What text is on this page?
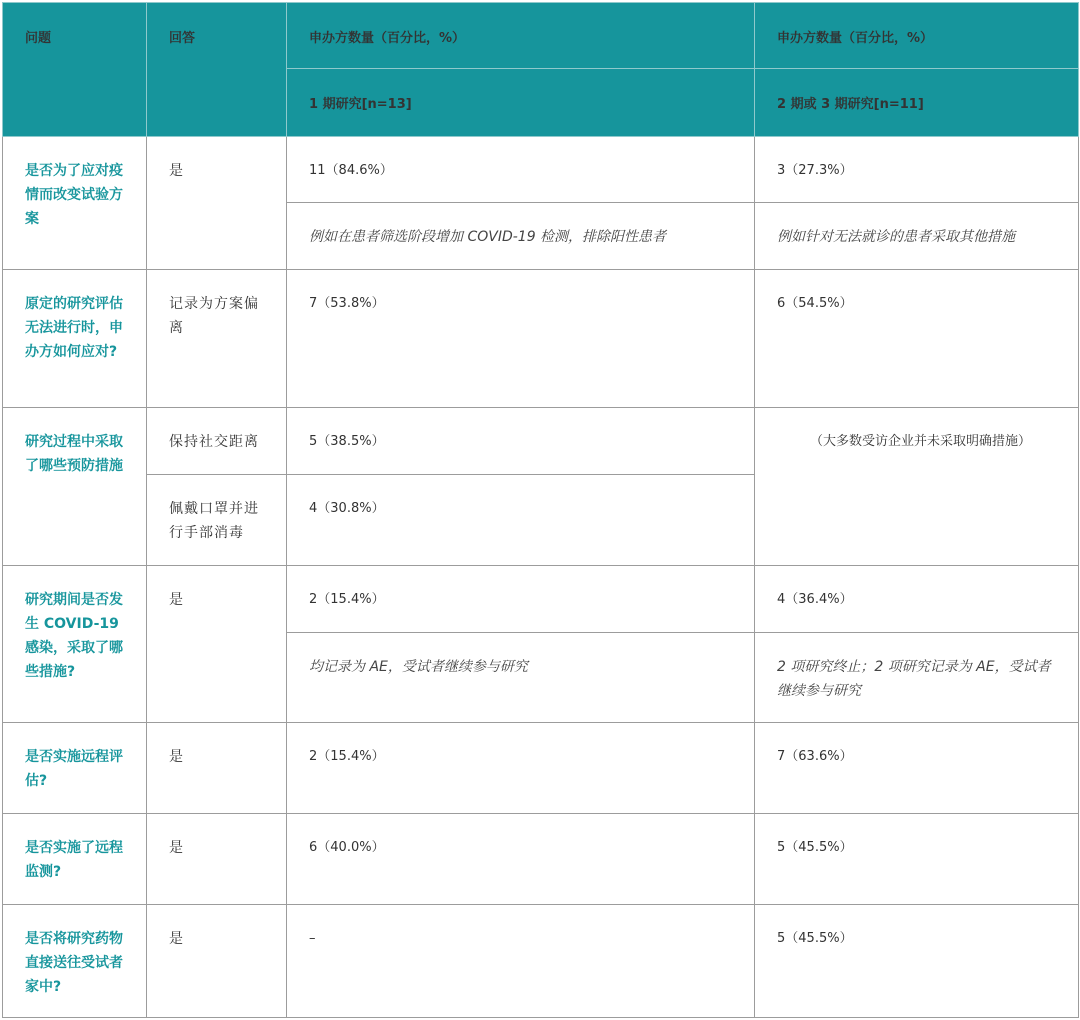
问题	回答	申办方数量（百分比，%）	申办方数量（百分比，%）

		1 期研究[n=13]	2 期或 3 期研究[n=11]

是否为了应对疫情而改变试验方案	是	11（84.6%）	3（27.3%）

		例如在患者筛选阶段增加 COVID-19 检测，排除阳性患者	例如针对无法就诊的患者采取其他措施

原定的研究评估无法进行时，申办方如何应对?	记录为方案偏离	7（53.8%）	6（54.5%）

研究过程中采取了哪些预防措施	保持社交距离	5（38.5%）	（大多数受访企业并未采取明确措施）

	佩戴口罩并进行手部消毒	4（30.8%）	

研究期间是否发生 COVID-19 感染，采取了哪些措施?	是	2（15.4%）	4（36.4%）

		均记录为 AE，受试者继续参与研究	2 项研究终止；2 项研究记录为 AE，受试者继续参与研究

是否实施远程评估?	是	2（15.4%）	7（63.6%）

是否实施了远程监测?	是	6（40.0%）	5（45.5%）

是否将研究药物直接送往受试者家中?	是	–	5（45.5%）
